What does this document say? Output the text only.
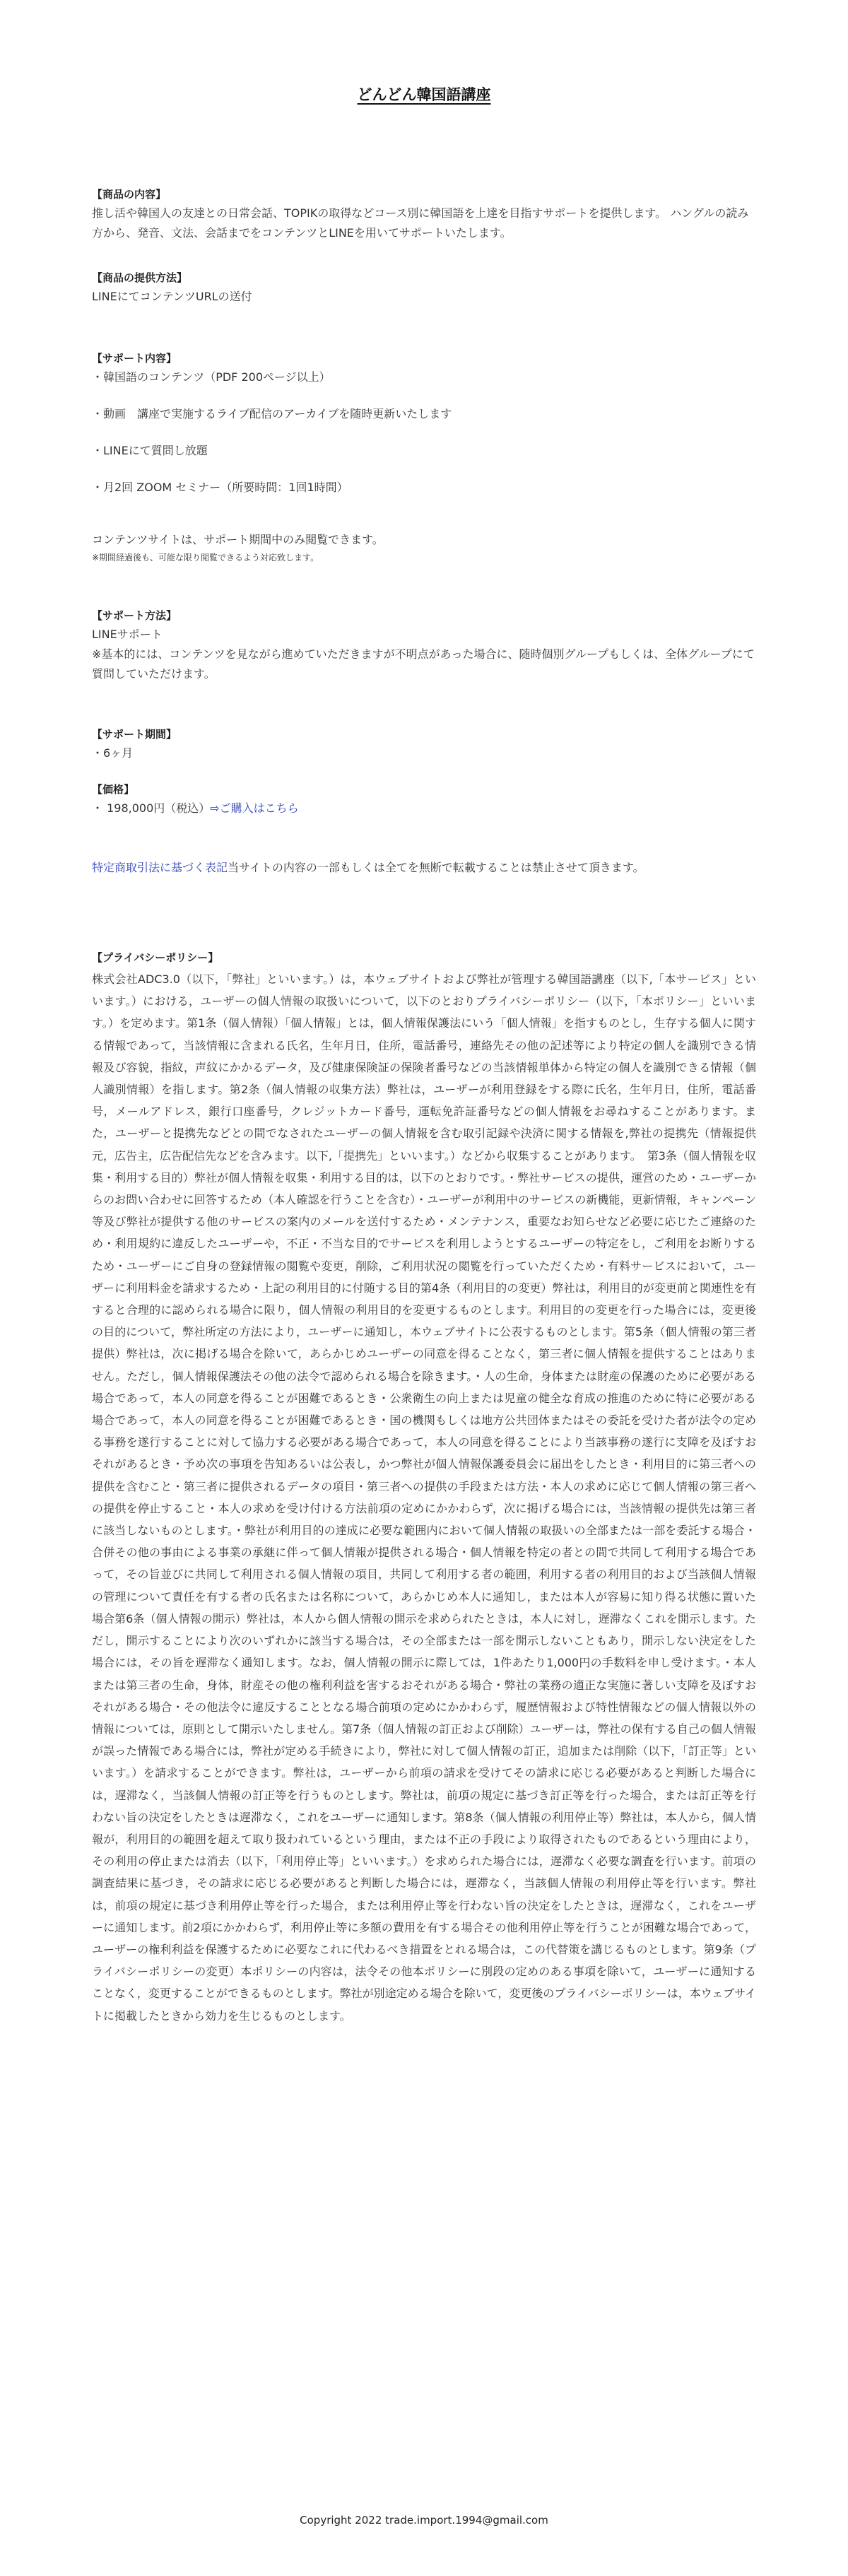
どんどん韓国語講座

【商品の内容】

推し活や韓国人の友達との日常会話、TOPIKの取得などコース別に韓国語を上達を目指すサポートを提供します。 ハングルの読み方から、発音、文法、会話までをコンテンツとLINEを用いてサポートいたします。

【商品の提供方法】

LINEにてコンテンツURLの送付

【サポート内容】

・韓国語のコンテンツ（PDF 200ページ以上）

・動画　講座で実施するライブ配信のアーカイブを随時更新いたします

・LINEにて質問し放題

・月2回 ZOOM セミナー（所要時間：1回1時間）

コンテンツサイトは、サポート期間中のみ閲覧できます。

※期間経過後も、可能な限り閲覧できるよう対応致します。

【サポート方法】

LINEサポート

※基本的には、コンテンツを見ながら進めていただきますが不明点があった場合に、随時個別グループもしくは、全体グループにて質問していただけます。

【サポート期間】

・6ヶ月

【価格】

・ 198,000円（税込）⇨ご購入はこちら

特定商取引法に基づく表記当サイトの内容の一部もしくは全てを無断で転載することは禁止させて頂きます。

【プライバシーポリシー】

株式会社ADC3.0（以下，「弊社」といいます。）は，本ウェブサイトおよび弊社が管理する韓国語講座（以下,「本サービス」といいます。）における，ユーザーの個人情報の取扱いについて，以下のとおりプライバシーポリシー（以下，「本ポリシー」といいます。）を定めます。第1条（個人情報）「個人情報」とは，個人情報保護法にいう「個人情報」を指すものとし，生存する個人に関する情報であって，当該情報に含まれる氏名，生年月日，住所，電話番号，連絡先その他の記述等により特定の個人を識別できる情報及び容貌，指紋，声紋にかかるデータ，及び健康保険証の保険者番号などの当該情報単体から特定の個人を識別できる情報（個人識別情報）を指します。第2条（個人情報の収集方法）弊社は，ユーザーが利用登録をする際に氏名，生年月日，住所，電話番号，メールアドレス，銀行口座番号，クレジットカード番号，運転免許証番号などの個人情報をお尋ねすることがあります。また，ユーザーと提携先などとの間でなされたユーザーの個人情報を含む取引記録や決済に関する情報を,弊社の提携先（情報提供元，広告主，広告配信先などを含みます。以下,「提携先」といいます。）などから収集することがあります。　第3条（個人情報を収集・利用する目的）弊社が個人情報を収集・利用する目的は，以下のとおりです。・弊社サービスの提供，運営のため・ユーザーからのお問い合わせに回答するため（本人確認を行うことを含む）・ユーザーが利用中のサービスの新機能，更新情報，キャンペーン等及び弊社が提供する他のサービスの案内のメールを送付するため・メンテナンス，重要なお知らせなど必要に応じたご連絡のため・利用規約に違反したユーザーや，不正・不当な目的でサービスを利用しようとするユーザーの特定をし，ご利用をお断りするため・ユーザーにご自身の登録情報の閲覧や変更，削除，ご利用状況の閲覧を行っていただくため・有料サービスにおいて，ユーザーに利用料金を請求するため・上記の利用目的に付随する目的第4条（利用目的の変更）弊社は，利用目的が変更前と関連性を有すると合理的に認められる場合に限り，個人情報の利用目的を変更するものとします。利用目的の変更を行った場合には，変更後の目的について，弊社所定の方法により，ユーザーに通知し，本ウェブサイトに公表するものとします。第5条（個人情報の第三者提供）弊社は，次に掲げる場合を除いて，あらかじめユーザーの同意を得ることなく，第三者に個人情報を提供することはありません。ただし，個人情報保護法その他の法令で認められる場合を除きます。・人の生命，身体または財産の保護のために必要がある場合であって，本人の同意を得ることが困難であるとき・公衆衛生の向上または児童の健全な育成の推進のために特に必要がある場合であって，本人の同意を得ることが困難であるとき・国の機関もしくは地方公共団体またはその委託を受けた者が法令の定める事務を遂行することに対して協力する必要がある場合であって，本人の同意を得ることにより当該事務の遂行に支障を及ぼすおそれがあるとき・予め次の事項を告知あるいは公表し，かつ弊社が個人情報保護委員会に届出をしたとき・利用目的に第三者への提供を含むこと・第三者に提供されるデータの項目・第三者への提供の手段または方法・本人の求めに応じて個人情報の第三者への提供を停止すること・本人の求めを受け付ける方法前項の定めにかかわらず，次に掲げる場合には，当該情報の提供先は第三者に該当しないものとします。・弊社が利用目的の達成に必要な範囲内において個人情報の取扱いの全部または一部を委託する場合・合併その他の事由による事業の承継に伴って個人情報が提供される場合・個人情報を特定の者との間で共同して利用する場合であって，その旨並びに共同して利用される個人情報の項目，共同して利用する者の範囲，利用する者の利用目的および当該個人情報の管理について責任を有する者の氏名または名称について，あらかじめ本人に通知し，または本人が容易に知り得る状態に置いた場合第6条（個人情報の開示）弊社は，本人から個人情報の開示を求められたときは，本人に対し，遅滞なくこれを開示します。ただし，開示することにより次のいずれかに該当する場合は，その全部または一部を開示しないこともあり，開示しない決定をした場合には，その旨を遅滞なく通知します。なお，個人情報の開示に際しては，1件あたり1,000円の手数料を申し受けます。・本人または第三者の生命，身体，財産その他の権利利益を害するおそれがある場合・弊社の業務の適正な実施に著しい支障を及ぼすおそれがある場合・その他法令に違反することとなる場合前項の定めにかかわらず，履歴情報および特性情報などの個人情報以外の情報については，原則として開示いたしません。第7条（個人情報の訂正および削除）ユーザーは，弊社の保有する自己の個人情報が誤った情報である場合には，弊社が定める手続きにより，弊社に対して個人情報の訂正，追加または削除（以下，「訂正等」といいます。）を請求することができます。弊社は，ユーザーから前項の請求を受けてその請求に応じる必要があると判断した場合には，遅滞なく，当該個人情報の訂正等を行うものとします。弊社は，前項の規定に基づき訂正等を行った場合，または訂正等を行わない旨の決定をしたときは遅滞なく，これをユーザーに通知します。第8条（個人情報の利用停止等）弊社は，本人から，個人情報が，利用目的の範囲を超えて取り扱われているという理由，または不正の手段により取得されたものであるという理由により，その利用の停止または消去（以下，「利用停止等」といいます。）を求められた場合には，遅滞なく必要な調査を行います。前項の調査結果に基づき，その請求に応じる必要があると判断した場合には，遅滞なく，当該個人情報の利用停止等を行います。弊社は，前項の規定に基づき利用停止等を行った場合，または利用停止等を行わない旨の決定をしたときは，遅滞なく，これをユーザーに通知します。前2項にかかわらず，利用停止等に多額の費用を有する場合その他利用停止等を行うことが困難な場合であって，ユーザーの権利利益を保護するために必要なこれに代わるべき措置をとれる場合は，この代替策を講じるものとします。第9条（プライバシーポリシーの変更）本ポリシーの内容は，法令その他本ポリシーに別段の定めのある事項を除いて，ユーザーに通知することなく，変更することができるものとします。弊社が別途定める場合を除いて，変更後のプライバシーポリシーは，本ウェブサイトに掲載したときから効力を生じるものとします。

Copyright 2022 trade.import.1994@gmail.com
